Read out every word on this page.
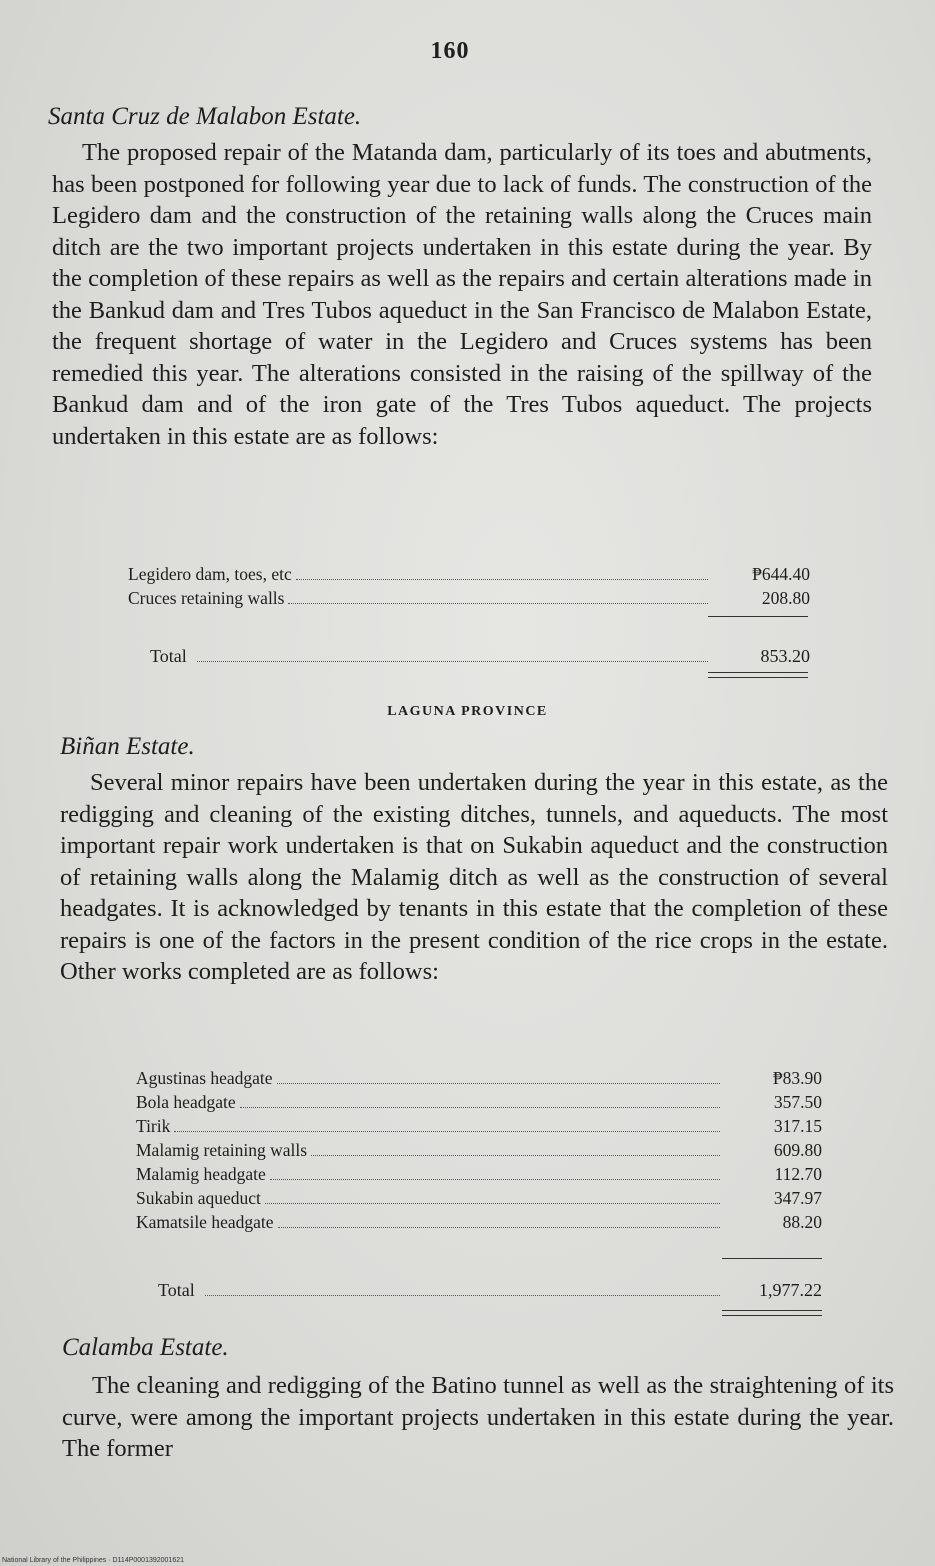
160
Santa Cruz de Malabon Estate.
The proposed repair of the Matanda dam, particularly of its toes and abutments, has been postponed for following year due to lack of funds. The construction of the Legidero dam and the construction of the retaining walls along the Cruces main ditch are the two important projects undertaken in this estate during the year. By the completion of these repairs as well as the repairs and certain alterations made in the Bankud dam and Tres Tubos aqueduct in the San Francisco de Malabon Estate, the frequent shortage of water in the Legidero and Cruces systems has been remedied this year. The alterations consisted in the raising of the spillway of the Bankud dam and of the iron gate of the Tres Tubos aqueduct. The projects undertaken in this estate are as follows:
Legidero dam, toes, etc	₱644.40
Cruces retaining walls	208.80
Total	853.20
LAGUNA PROVINCE
Biñan Estate.
Several minor repairs have been undertaken during the year in this estate, as the redigging and cleaning of the existing ditches, tunnels, and aqueducts. The most important repair work undertaken is that on Sukabin aqueduct and the construction of retaining walls along the Malamig ditch as well as the construction of several headgates. It is acknowledged by tenants in this estate that the completion of these repairs is one of the factors in the present condition of the rice crops in the estate. Other works completed are as follows:
Agustinas headgate	₱83.90
Bola headgate	357.50
Tirik	317.15
Malamig retaining walls	609.80
Malamig headgate	112.70
Sukabin aqueduct	347.97
Kamatsile headgate	88.20
Total	1,977.22
Calamba Estate.
The cleaning and redigging of the Batino tunnel as well as the straightening of its curve, were among the important projects undertaken in this estate during the year. The former
National Library of the Philippines · D114P0001392001621
